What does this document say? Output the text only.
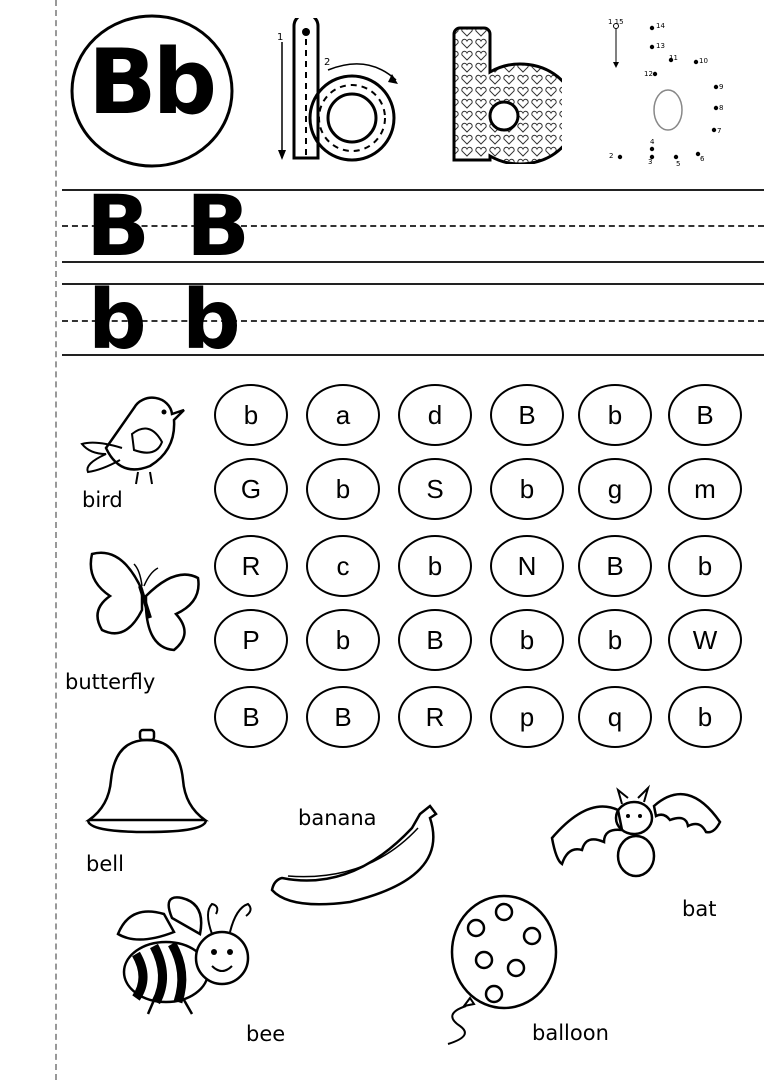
Bb	1
2
1 15	14
13
11	10
12
9
8
7
4
3	5
6
2
B B
b b
b	a	d	B	b	B
G	b	S	b	g	m
R	c	b	N	B	b
P	b	B	b	b	W
B	B	R	p	q	b
bird
butterfly
bell
banana
bat
bee	balloon
